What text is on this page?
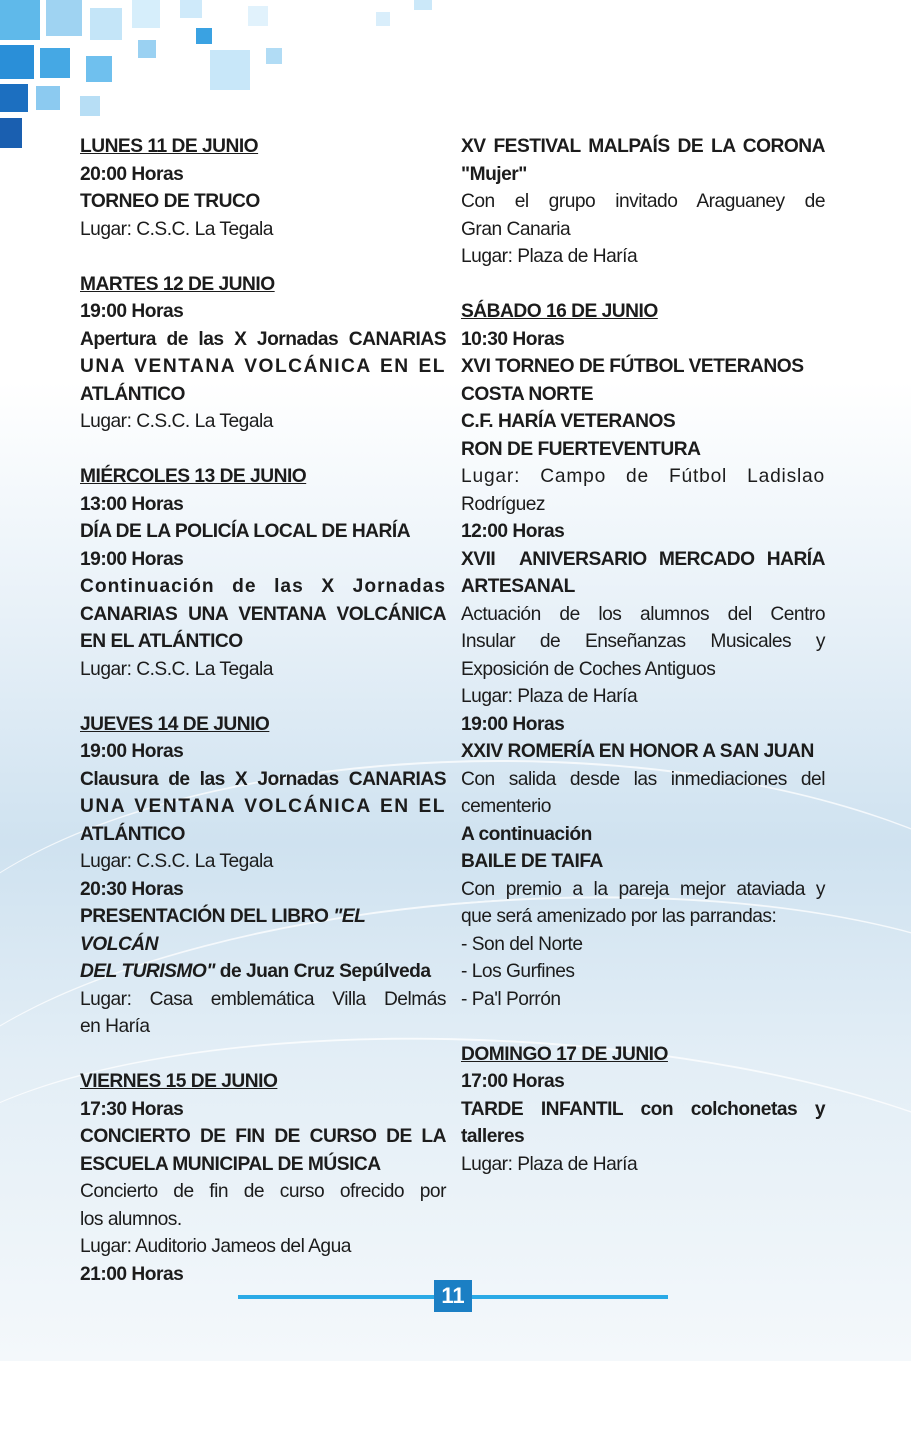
LUNES 11 DE JUNIO
20:00 Horas
TORNEO DE TRUCO
Lugar: C.S.C. La Tegala
MARTES 12 DE JUNIO
19:00 Horas
Apertura de las X Jornadas CANARIAS
UNA VENTANA VOLCÁNICA EN EL
ATLÁNTICO
Lugar: C.S.C. La Tegala
MIÉRCOLES 13 DE JUNIO
13:00 Horas
DÍA DE LA POLICÍA LOCAL DE HARÍA
19:00 Horas
Continuación de las X Jornadas
CANARIAS UNA VENTANA VOLCÁNICA
EN EL ATLÁNTICO
Lugar: C.S.C. La Tegala
JUEVES 14 DE JUNIO
19:00 Horas
Clausura de las X Jornadas CANARIAS
UNA VENTANA VOLCÁNICA EN EL
ATLÁNTICO
Lugar: C.S.C. La Tegala
20:30 Horas
PRESENTACIÓN DEL LIBRO "EL VOLCÁN
DEL TURISMO" de Juan Cruz Sepúlveda
Lugar: Casa emblemática Villa Delmás
en Haría
VIERNES 15 DE JUNIO
17:30 Horas
CONCIERTO DE FIN DE CURSO DE LA
ESCUELA MUNICIPAL DE MÚSICA
Concierto de fin de curso ofrecido por
los alumnos.
Lugar: Auditorio Jameos del Agua
21:00 Horas
XV FESTIVAL MALPAÍS DE LA CORONA
"Mujer"
Con el grupo invitado Araguaney de
Gran Canaria
Lugar: Plaza de Haría
SÁBADO 16 DE JUNIO
10:30 Horas
XVI TORNEO DE FÚTBOL VETERANOS
COSTA NORTE
C.F. HARÍA VETERANOS
RON DE FUERTEVENTURA
Lugar: Campo de Fútbol Ladislao
Rodríguez
12:00 Horas
XVII  ANIVERSARIO MERCADO HARÍA
ARTESANAL
Actuación de los alumnos del Centro
Insular de Enseñanzas Musicales y
Exposición de Coches Antiguos
Lugar: Plaza de Haría
19:00 Horas
XXIV ROMERÍA EN HONOR A SAN JUAN
Con salida desde las inmediaciones del
cementerio
A continuación
BAILE DE TAIFA
Con premio a la pareja mejor ataviada y
que será amenizado por las parrandas:
- Son del Norte
- Los Gurfines
- Pa'l Porrón
DOMINGO 17 DE JUNIO
17:00 Horas
TARDE INFANTIL con colchonetas y
talleres
Lugar: Plaza de Haría
11
